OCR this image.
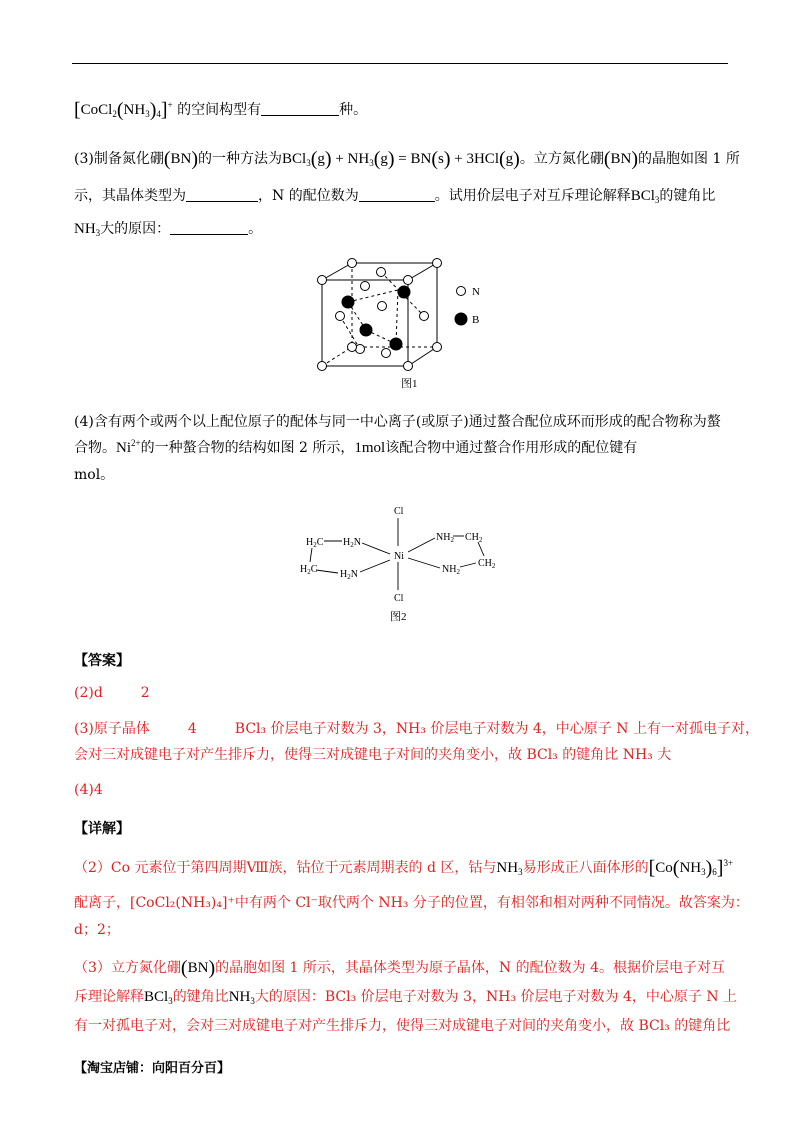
$[CoCl_2(NH_3)_4]^+$ 的空间构型有	种。
(3)制备氮化硼(BN)的一种方法为$BCl_3(g) + NH_3(g) = BN(s) + 3HCl(g)$。立方氮化硼(BN)的晶胞如图 1 所
示，其晶体类型为	，N 的配位数为	。试用价层电子对互斥理论解释BCl$_3$的键角比
$NH_3$大的原因：	。
N
B
图1
(4)含有两个或两个以上配位原子的配体与同一中心离子(或原子)通过螯合配位成环而形成的配合物称为螯
合物。$Ni^{2+}$的一种螯合物的结构如图 2 所示，1mol该配合物中通过螯合作用形成的配位键有
mol。
Cl
Cl
Ni
$H_2C$ $H_2N$
$H_2C$ $H_2N$
$NH_2$ $CH_2$
$NH_2$
$CH_2$
图2
【答案】
(2)d	2
(3)原子晶体	4	BCl₃ 价层电子对数为 3，NH₃ 价层电子对数为 4，中心原子 N 上有一对孤电子对，
会对三对成键电子对产生排斥力，使得三对成键电子对间的夹角变小，故 BCl₃ 的键角比 NH₃ 大
(4)4
【详解】
（2）Co 元素位于第四周期Ⅷ族，钴位于元素周期表的 d 区，钴与$NH_3$易形成正八面体形的$[Co(NH_3)_6]^{3+}$
配离子，[CoCl₂(NH₃)₄]⁺中有两个 Cl⁻取代两个 NH₃ 分子的位置，有相邻和相对两种不同情况。故答案为：
d；2；
（3）立方氮化硼(BN)的晶胞如图 1 所示，其晶体类型为原子晶体，N 的配位数为 4。根据价层电子对互
斥理论解释BCl$_3$的键角比$NH_3$大的原因：BCl₃ 价层电子对数为 3，NH₃ 价层电子对数为 4，中心原子 N 上
有一对孤电子对，会对三对成键电子对产生排斥力，使得三对成键电子对间的夹角变小，故 BCl₃ 的键角比
【淘宝店铺：向阳百分百】
